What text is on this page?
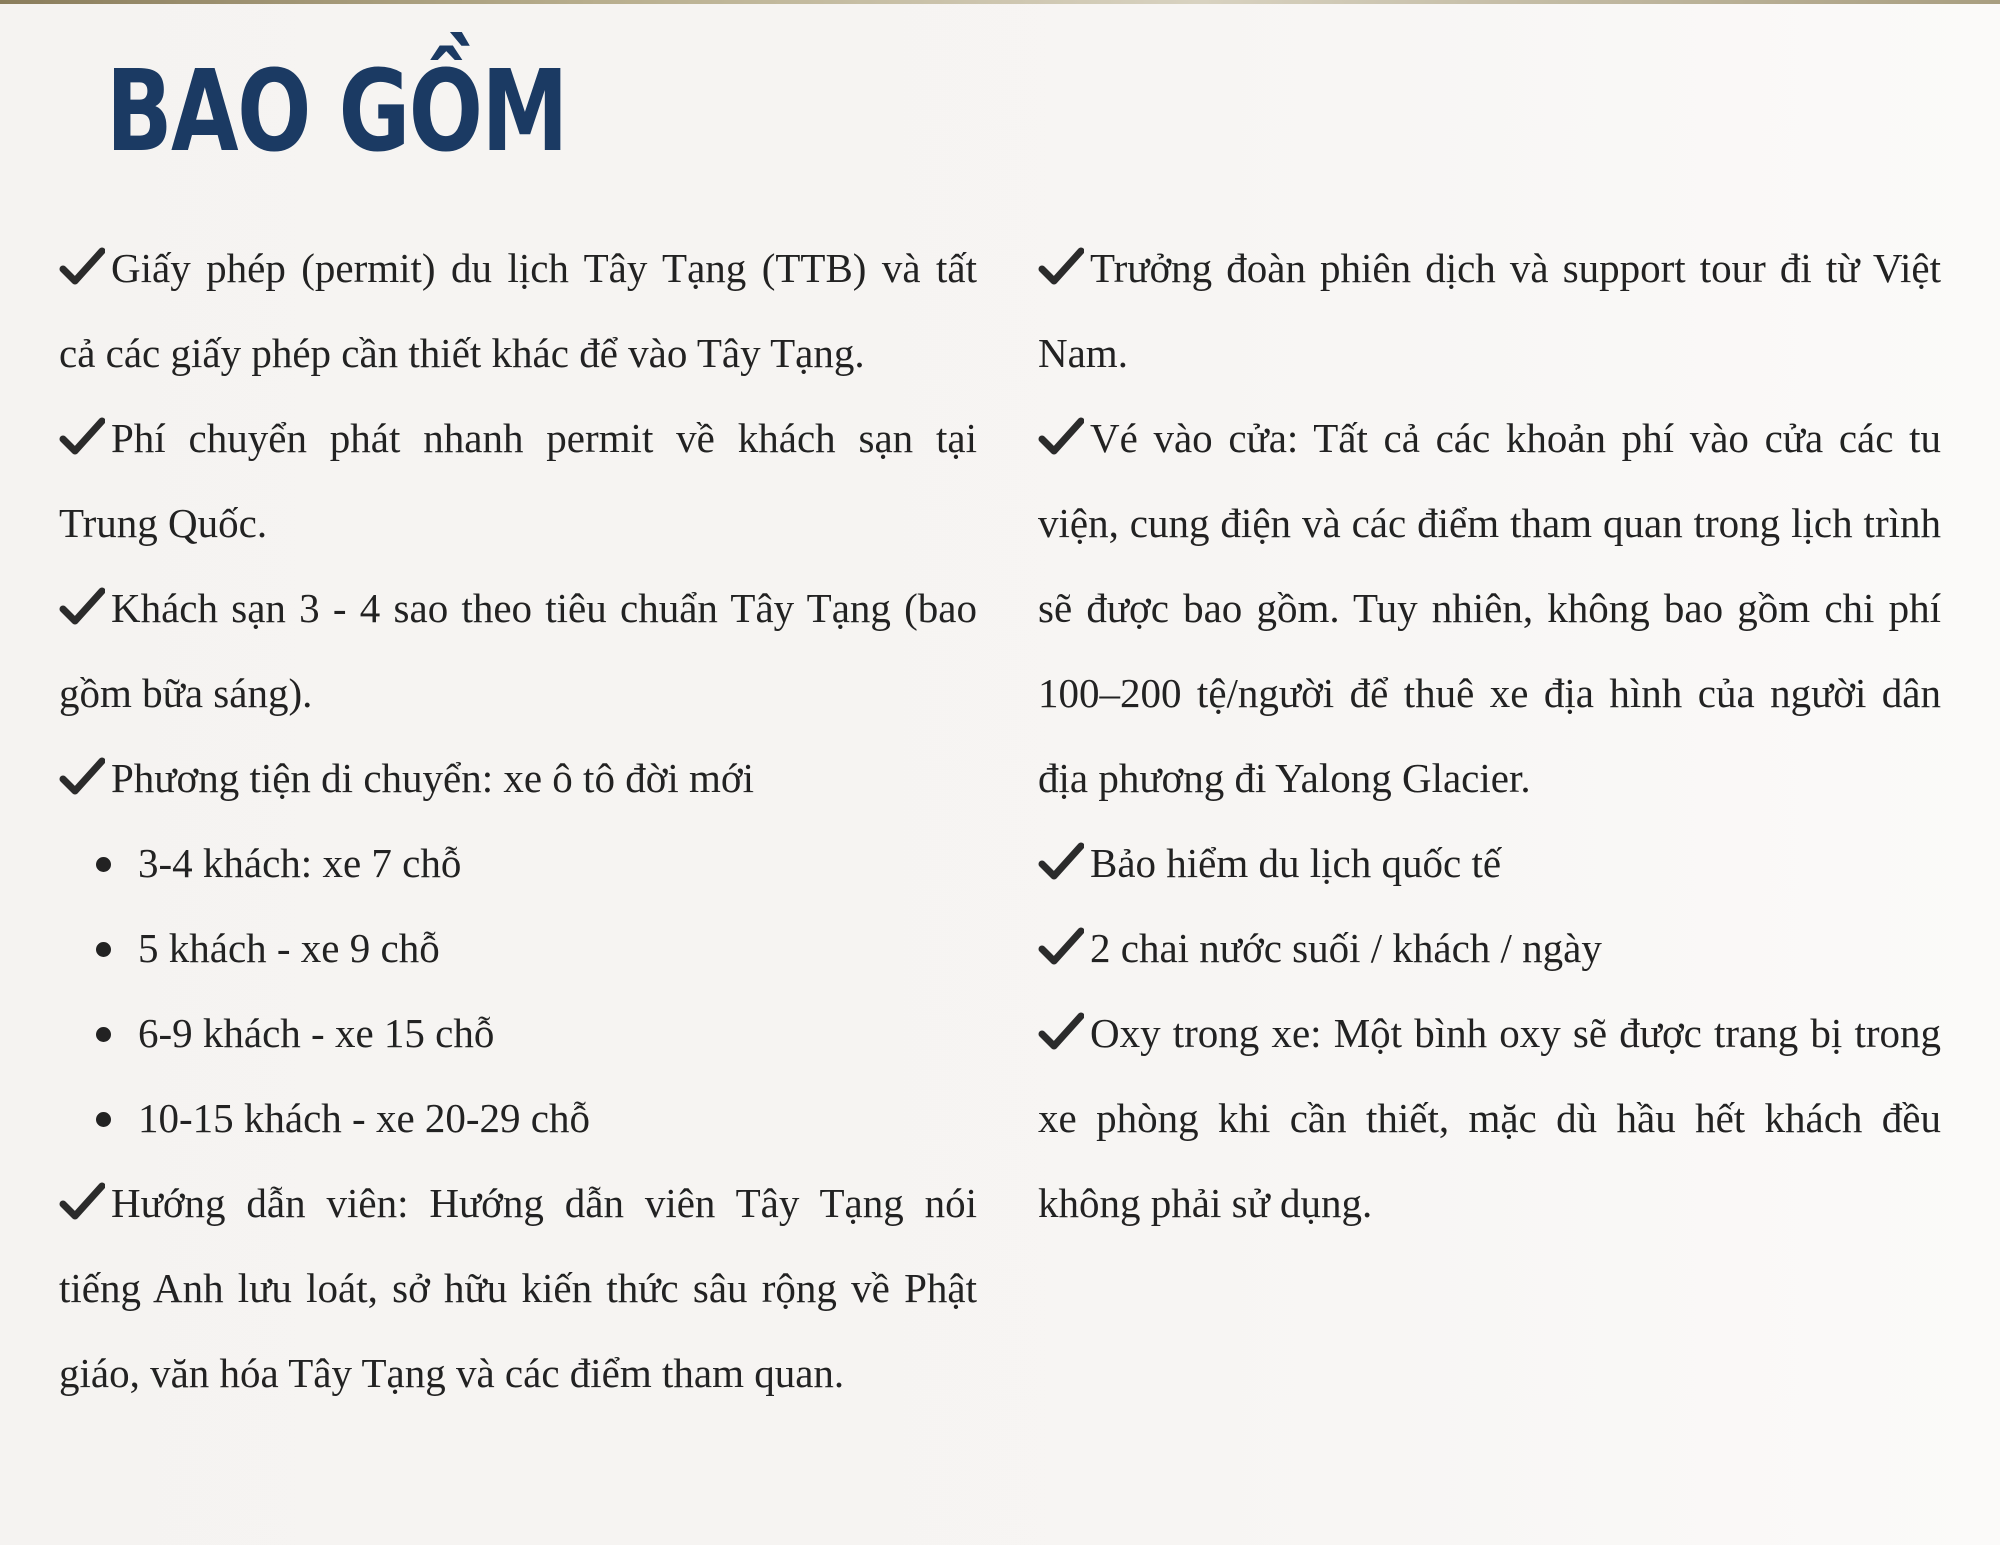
BAO GỒM
Giấy phép (permit) du lịch Tây Tạng (TTB) và tất cả các giấy phép cần thiết khác để vào Tây Tạng.
Phí chuyển phát nhanh permit về khách sạn tại Trung Quốc.
Khách sạn 3 - 4 sao theo tiêu chuẩn Tây Tạng (bao gồm bữa sáng).
Phương tiện di chuyển: xe ô tô đời mới
3-4 khách: xe 7 chỗ
5 khách - xe 9 chỗ
6-9 khách - xe 15 chỗ
10-15 khách - xe 20-29 chỗ
Hướng dẫn viên: Hướng dẫn viên Tây Tạng nói tiếng Anh lưu loát, sở hữu kiến thức sâu rộng về Phật giáo, văn hóa Tây Tạng và các điểm tham quan.
Trưởng đoàn phiên dịch và support tour đi từ Việt Nam.
Vé vào cửa: Tất cả các khoản phí vào cửa các tu viện, cung điện và các điểm tham quan trong lịch trình sẽ được bao gồm. Tuy nhiên, không bao gồm chi phí 100–200 tệ/người để thuê xe địa hình của người dân địa phương đi Yalong Glacier.
Bảo hiểm du lịch quốc tế
2 chai nước suối / khách / ngày
Oxy trong xe: Một bình oxy sẽ được trang bị trong xe phòng khi cần thiết, mặc dù hầu hết khách đều không phải sử dụng.
